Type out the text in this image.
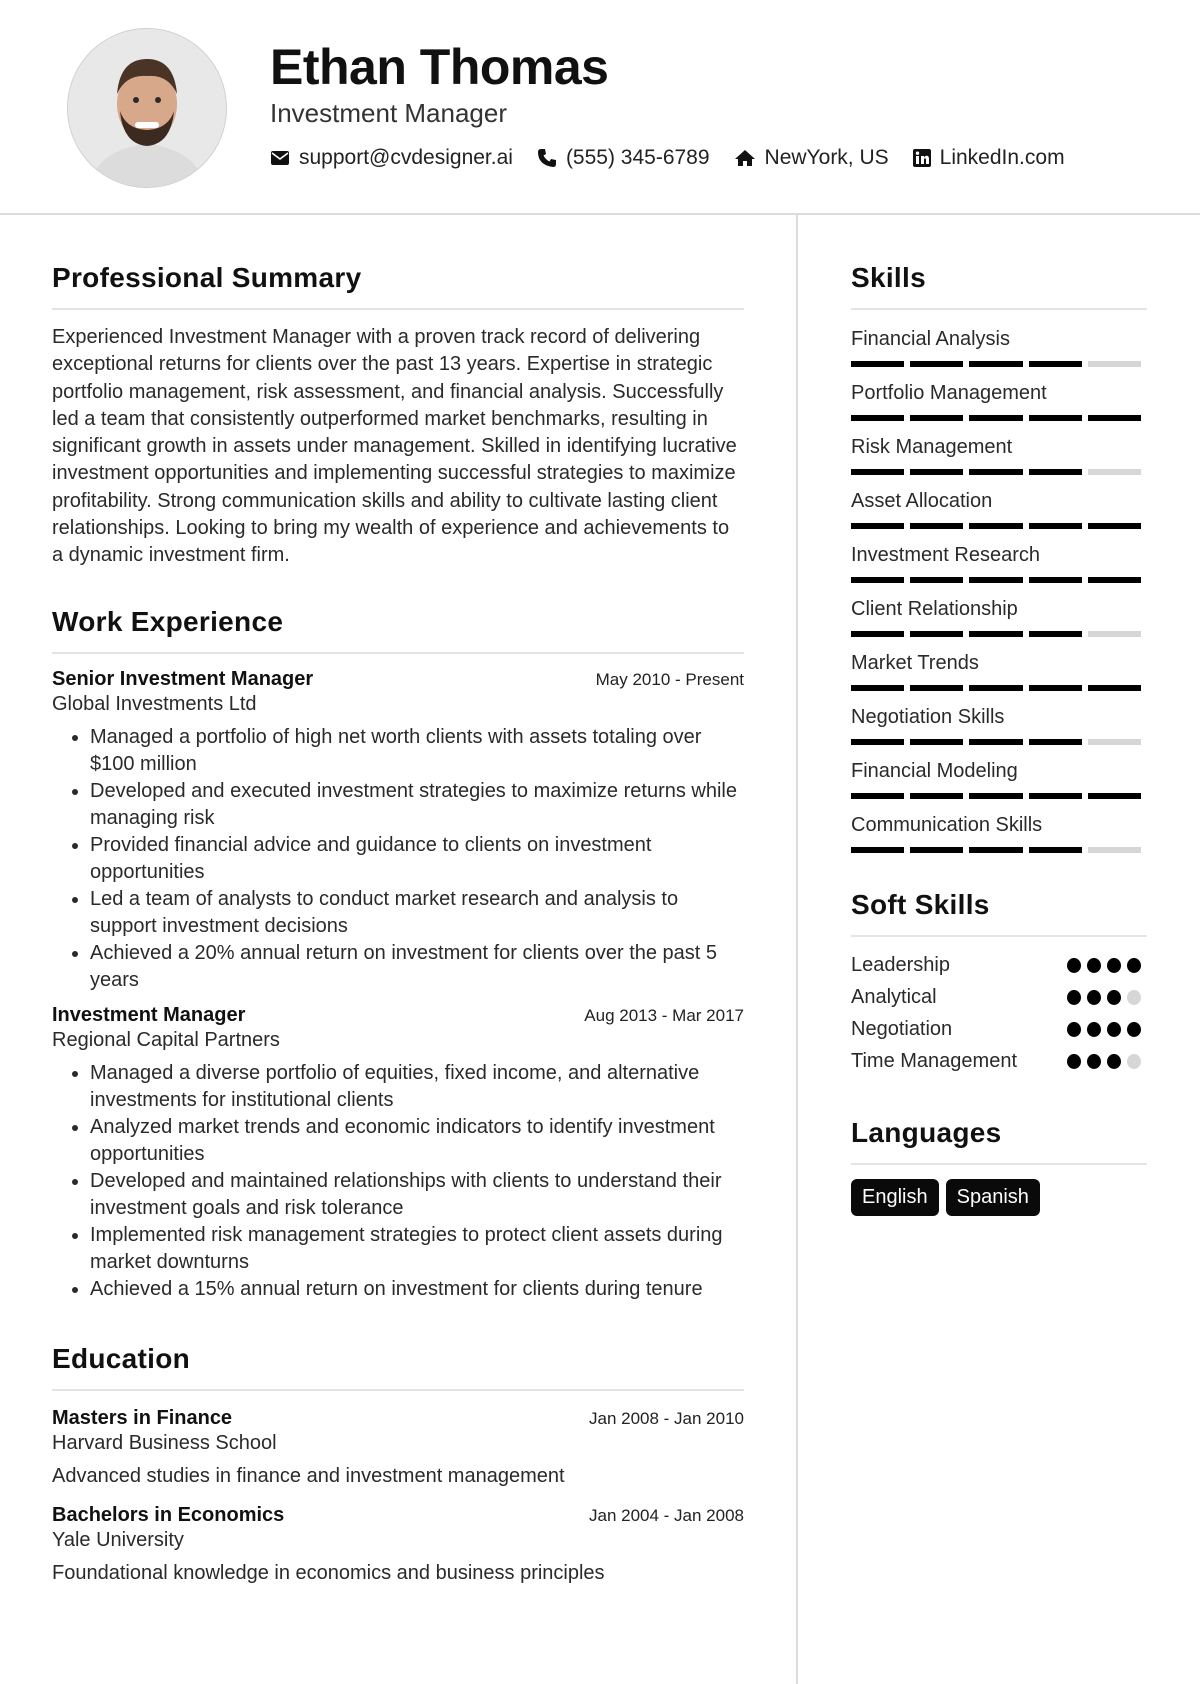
Ethan Thomas
Investment Manager
support@cvdesigner.ai	(555) 345-6789	NewYork, US LinkedIn.com
Professional Summary

Experienced Investment Manager with a proven track record of delivering exceptional returns for clients over the past 13 years. Expertise in strategic portfolio management, risk assessment, and financial analysis. Successfully led a team that consistently outperformed market benchmarks, resulting in significant growth in assets under management. Skilled in identifying lucrative investment opportunities and implementing successful strategies to maximize profitability. Strong communication skills and ability to cultivate lasting client relationships. Looking to bring my wealth of experience and achievements to a dynamic investment firm.

Work Experience
Senior Investment Manager	May 2010 - Present
Global Investments Ltd
• Managed a portfolio of high net worth clients with assets totaling over $100 million
• Developed and executed investment strategies to maximize returns while managing risk
• Provided financial advice and guidance to clients on investment opportunities
• Led a team of analysts to conduct market research and analysis to support investment decisions
• Achieved a 20% annual return on investment for clients over the past 5 years
Investment Manager	Aug 2013 - Mar 2017
Regional Capital Partners
• Managed a diverse portfolio of equities, fixed income, and alternative investments for institutional clients
• Analyzed market trends and economic indicators to identify investment opportunities
• Developed and maintained relationships with clients to understand their investment goals and risk tolerance
• Implemented risk management strategies to protect client assets during market downturns
• Achieved a 15% annual return on investment for clients during tenure
Education
Masters in Finance	Jan 2008 - Jan 2010
Harvard Business School
Advanced studies in finance and investment management
Bachelors in Economics	Jan 2004 - Jan 2008
Yale University
Foundational knowledge in economics and business principles
Skills
Financial Analysis
Portfolio Management
Risk Management
Asset Allocation
Investment Research
Client Relationship
Market Trends
Negotiation Skills
Financial Modeling
Communication Skills
Soft Skills
Leadership
Analytical
Negotiation
Time Management
Languages
English	Spanish
